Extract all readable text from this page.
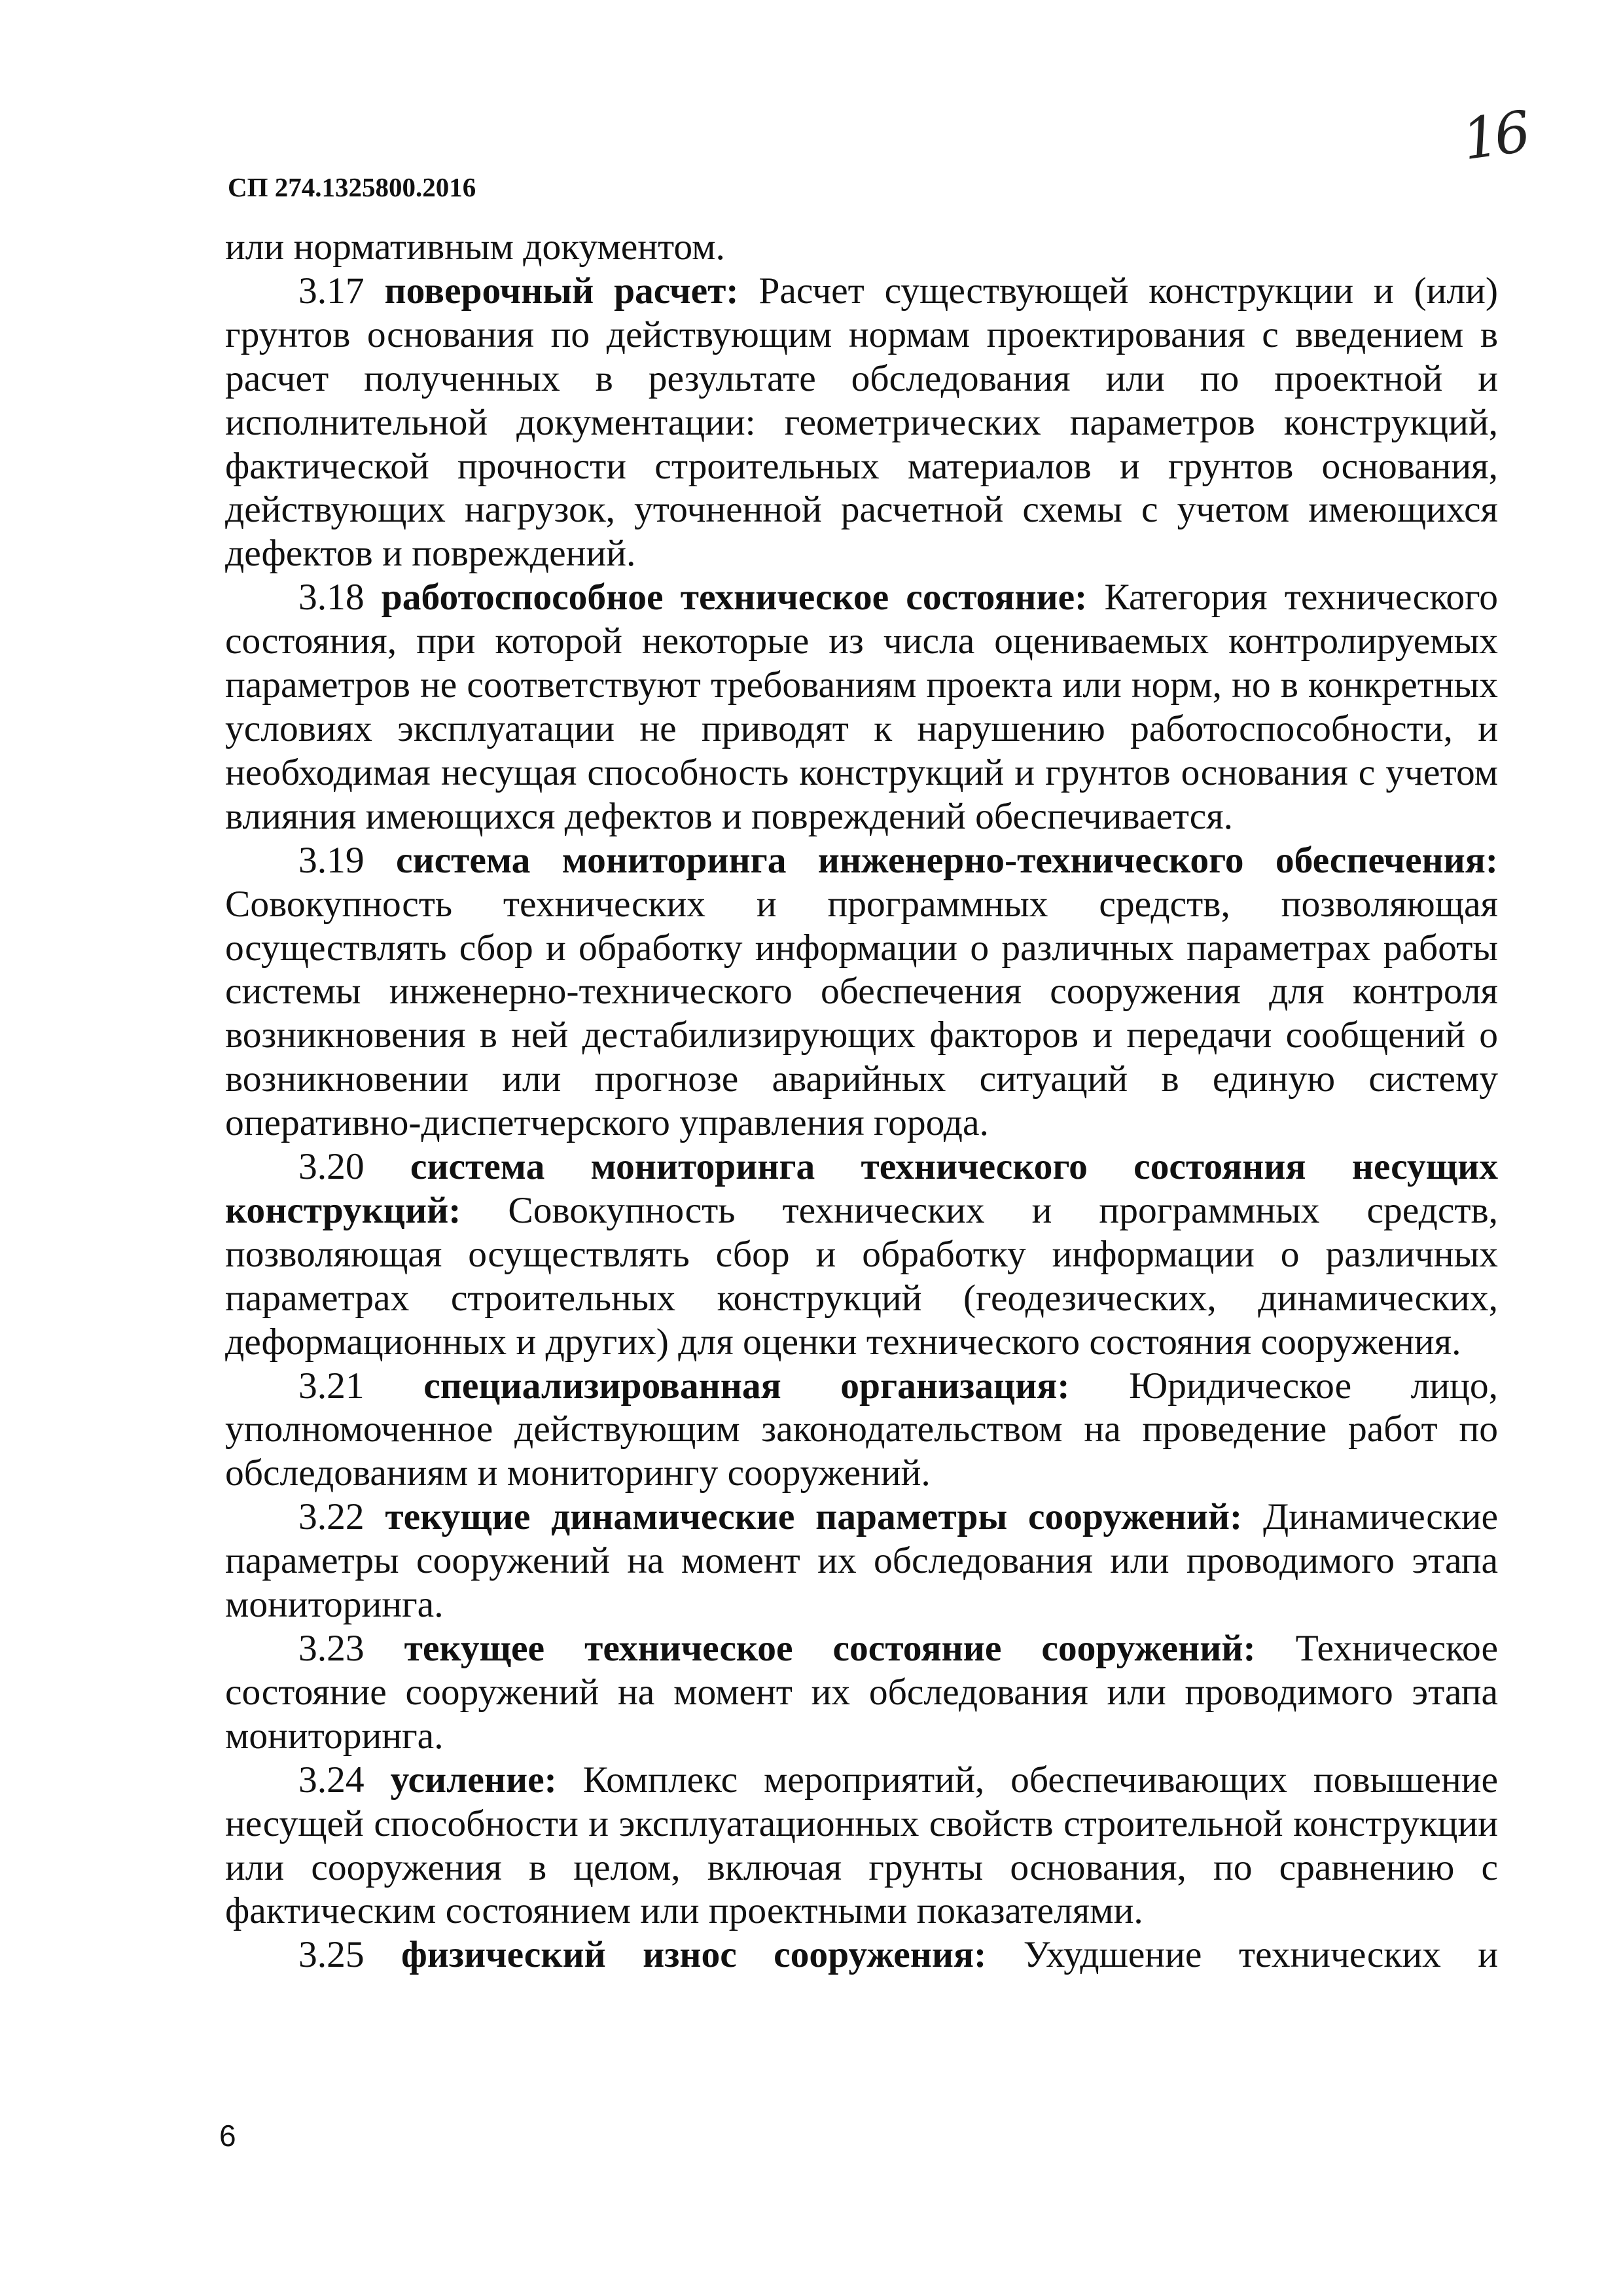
16
СП 274.1325800.2016

или нормативным документом.

3.17 поверочный расчет: Расчет существующей конструкции и (или) грунтов основания по действующим нормам проектирования с введением в расчет полученных в результате обследования или по проектной и исполнительной документации: геометрических параметров конструкций, фактической прочности строительных материалов и грунтов основания, действующих нагрузок, уточненной расчетной схемы с учетом имеющихся дефектов и повреждений.

3.18 работоспособное техническое состояние: Категория технического состояния, при которой некоторые из числа оцениваемых контролируемых параметров не соответствуют требованиям проекта или норм, но в конкретных условиях эксплуатации не приводят к нарушению работоспособности, и необходимая несущая способность конструкций и грунтов основания с учетом влияния имеющихся дефектов и повреждений обеспечивается.

3.19 система мониторинга инженерно-технического обеспечения: Совокупность технических и программных средств, позволяющая осуществлять сбор и обработку информации о различных параметрах работы системы инженерно-технического обеспечения сооружения для контроля возникновения в ней дестабилизирующих факторов и передачи сообщений о возникновении или прогнозе аварийных ситуаций в единую систему оперативно-диспетчерского управления города.

3.20 система мониторинга технического состояния несущих конструкций: Совокупность технических и программных средств, позволяющая осуществлять сбор и обработку информации о различных параметрах строительных конструкций (геодезических, динамических, деформационных и других) для оценки технического состояния сооружения.

3.21 специализированная организация: Юридическое лицо, уполномоченное действующим законодательством на проведение работ по обследованиям и мониторингу сооружений.

3.22 текущие динамические параметры сооружений: Динамические параметры сооружений на момент их обследования или проводимого этапа мониторинга.

3.23 текущее техническое состояние сооружений: Техническое состояние сооружений на момент их обследования или проводимого этапа мониторинга.

3.24 усиление: Комплекс мероприятий, обеспечивающих повышение несущей способности и эксплуатационных свойств строительной конструкции или сооружения в целом, включая грунты основания, по сравнению с фактическим состоянием или проектными показателями.

3.25 физический износ сооружения: Ухудшение технических и

6
